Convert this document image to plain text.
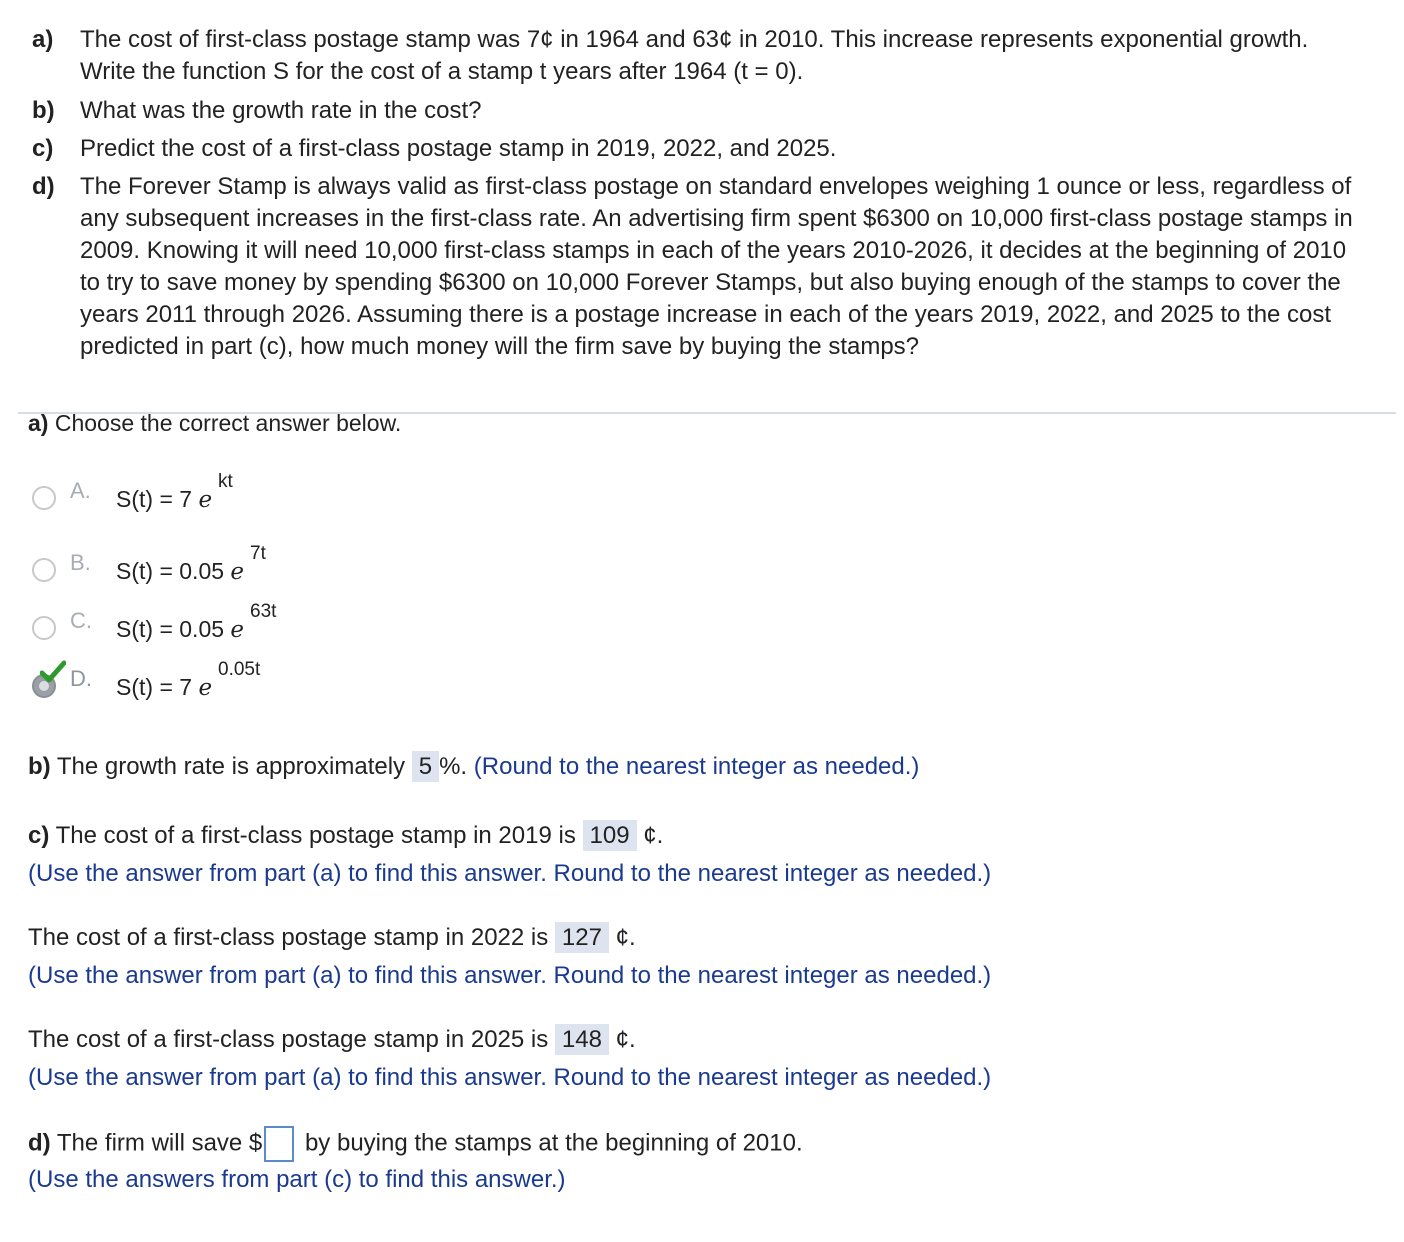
a) The cost of first-class postage stamp was 7¢ in 1964 and 63¢ in 2010. This increase represents exponential growth. Write the function S for the cost of a stamp t years after 1964 (t = 0).
b) What was the growth rate in the cost?
c) Predict the cost of a first-class postage stamp in 2019, 2022, and 2025.
d) The Forever Stamp is always valid as first-class postage on standard envelopes weighing 1 ounce or less, regardless of any subsequent increases in the first-class rate. An advertising firm spent $6300 on 10,000 first-class postage stamps in 2009. Knowing it will need 10,000 first-class stamps in each of the years 2010-2026, it decides at the beginning of 2010 to try to save money by spending $6300 on 10,000 Forever Stamps, but also buying enough of the stamps to cover the years 2011 through 2026. Assuming there is a postage increase in each of the years 2019, 2022, and 2025 to the cost predicted in part (c), how much money will the firm save by buying the stamps?
a) Choose the correct answer below.
A. S(t) = 7 e
kt
B. S(t) = 0.05 e
7t
C. S(t) = 0.05 e
63t
D. S(t) = 7 e
0.05t
b) The growth rate is approximately 5 %. (Round to the nearest integer as needed.)
c) The cost of a first-class postage stamp in 2019 is 109 ¢.
(Use the answer from part (a) to find this answer. Round to the nearest integer as needed.)
The cost of a first-class postage stamp in 2022 is 127 ¢.
(Use the answer from part (a) to find this answer. Round to the nearest integer as needed.)
The cost of a first-class postage stamp in 2025 is 148 ¢.
(Use the answer from part (a) to find this answer. Round to the nearest integer as needed.)
d) The firm will save $ by buying the stamps at the beginning of 2010.
(Use the answers from part (c) to find this answer.)
